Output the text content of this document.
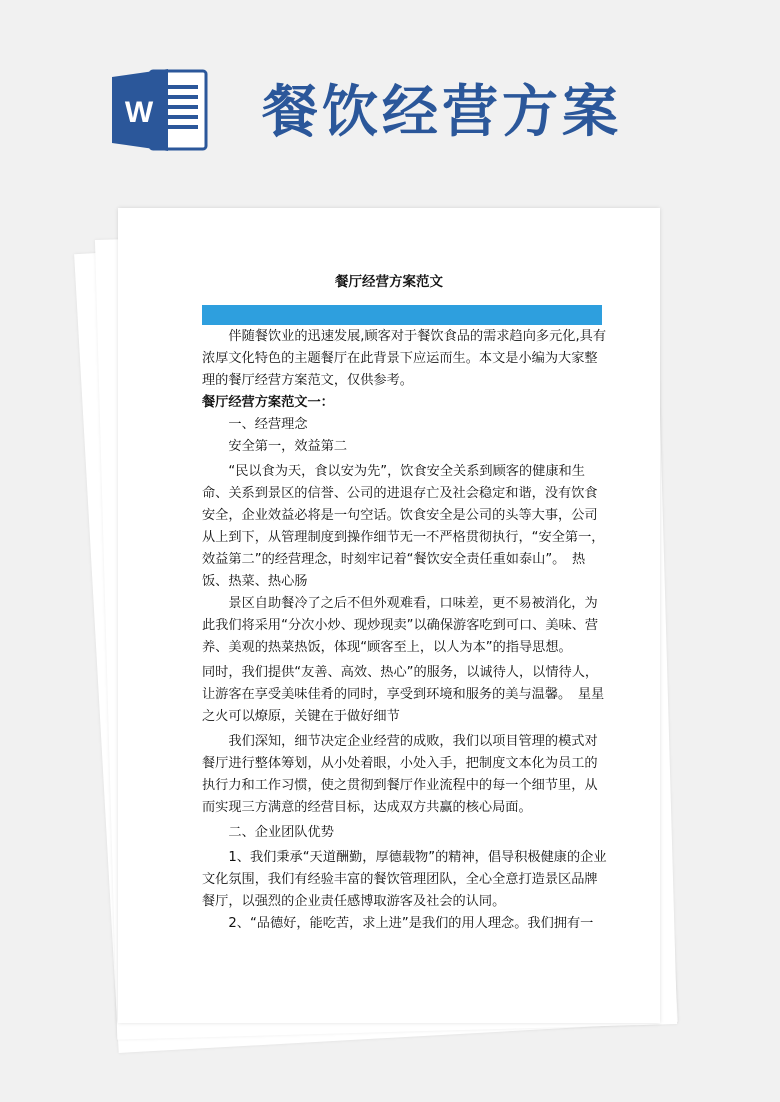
W 餐饮经营方案
餐厅经营方案范文

伴随餐饮业的迅速发展,顾客对于餐饮食品的需求趋向多元化,具有浓厚文化特色的主题餐厅在此背景下应运而生。本文是小编为大家整理的餐厅经营方案范文，仅供参考。

餐厅经营方案范文一：

一、经营理念

安全第一，效益第二

“民以食为天，食以安为先”，饮食安全关系到顾客的健康和生命、关系到景区的信誉、公司的进退存亡及社会稳定和谐，没有饮食安全，企业效益必将是一句空话。饮食安全是公司的头等大事，公司从上到下，从管理制度到操作细节无一不严格贯彻执行，“安全第一，效益第二”的经营理念，时刻牢记着“餐饮安全责任重如泰山”。　热饭、热菜、热心肠

景区自助餐冷了之后不但外观难看，口味差，更不易被消化，为此我们将采用“分次小炒、现炒现卖”以确保游客吃到可口、美味、营养、美观的热菜热饭，体现“顾客至上，以人为本”的指导思想。

同时，我们提供“友善、高效、热心”的服务，以诚待人，以情待人，让游客在享受美味佳肴的同时，享受到环境和服务的美与温馨。　星星之火可以燎原，关键在于做好细节

我们深知，细节决定企业经营的成败，我们以项目管理的模式对餐厅进行整体筹划，从小处着眼，小处入手，把制度文本化为员工的执行力和工作习惯，使之贯彻到餐厅作业流程中的每一个细节里，从而实现三方满意的经营目标，达成双方共赢的核心局面。

二、企业团队优势

1、我们秉承“天道酬勤，厚德载物”的精神，倡导积极健康的企业文化氛围，我们有经验丰富的餐饮管理团队，全心全意打造景区品牌餐厅，以强烈的企业责任感博取游客及社会的认同。

2、“品德好，能吃苦，求上进”是我们的用人理念。我们拥有一
